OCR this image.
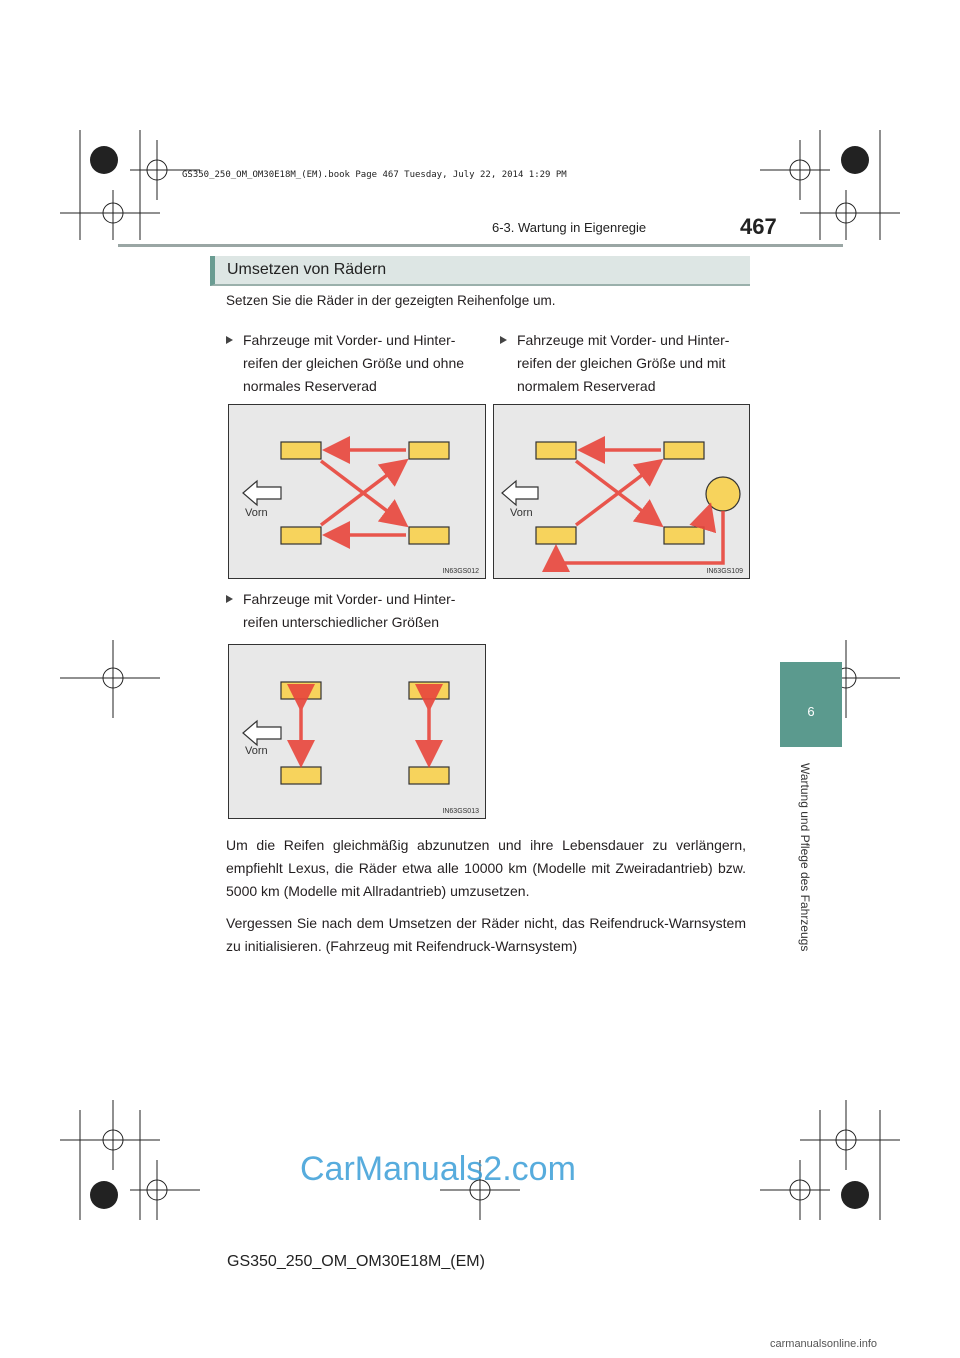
GS350_250_OM_OM30E18M_(EM).book Page 467 Tuesday, July 22, 2014 1:29 PM
6-3. Wartung in Eigenregie	467
6
Wartung und Pflege des Fahrzeugs
Umsetzen von Rädern
Setzen Sie die Räder in der gezeigten Reihenfolge um.
Fahrzeuge mit Vorder- und Hinter-
reifen der gleichen Größe und ohne
normales Reserverad
Fahrzeuge mit Vorder- und Hinter-
reifen der gleichen Größe und mit
normalem Reserverad
Vorn
IN63GS012
Vorn
IN63GS109
Fahrzeuge mit Vorder- und Hinter-
reifen unterschiedlicher Größen
Vorn
IN63GS013
Um die Reifen gleichmäßig abzunutzen und ihre Lebensdauer zu verlängern, empfiehlt Lexus, die Räder etwa alle 10000 km (Modelle mit Zweiradantrieb) bzw. 5000 km (Modelle mit Allradantrieb) umzusetzen.
Vergessen Sie nach dem Umsetzen der Räder nicht, das Reifendruck-Warnsystem zu initialisieren. (Fahrzeug mit Reifendruck-Warnsystem)
CarManuals2.com
GS350_250_OM_OM30E18M_(EM)
carmanualsonline.info
